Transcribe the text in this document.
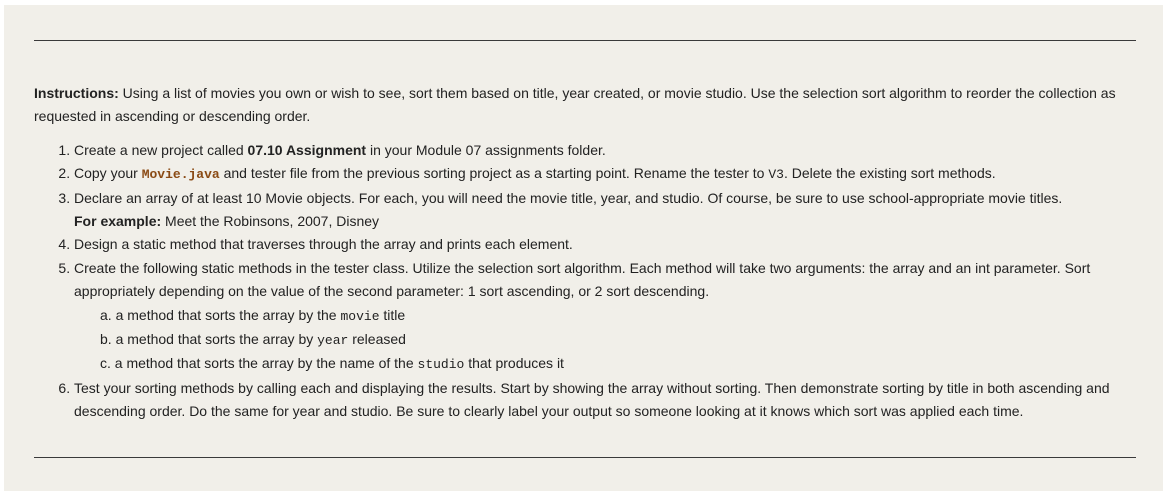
Instructions: Using a list of movies you own or wish to see, sort them based on title, year created, or movie studio. Use the selection sort algorithm to reorder the collection as requested in ascending or descending order.

1. Create a new project called 07.10 Assignment in your Module 07 assignments folder.
2. Copy your Movie.java and tester file from the previous sorting project as a starting point. Rename the tester to V3. Delete the existing sort methods.
3. Declare an array of at least 10 Movie objects. For each, you will need the movie title, year, and studio. Of course, be sure to use school-appropriate movie titles.
For example: Meet the Robinsons, 2007, Disney
4. Design a static method that traverses through the array and prints each element.
5. Create the following static methods in the tester class. Utilize the selection sort algorithm. Each method will take two arguments: the array and an int parameter. Sort appropriately depending on the value of the second parameter: 1 sort ascending, or 2 sort descending.
a. a method that sorts the array by the movie title
b. a method that sorts the array by year released
c. a method that sorts the array by the name of the studio that produces it
6. Test your sorting methods by calling each and displaying the results. Start by showing the array without sorting. Then demonstrate sorting by title in both ascending and descending order. Do the same for year and studio. Be sure to clearly label your output so someone looking at it knows which sort was applied each time.
